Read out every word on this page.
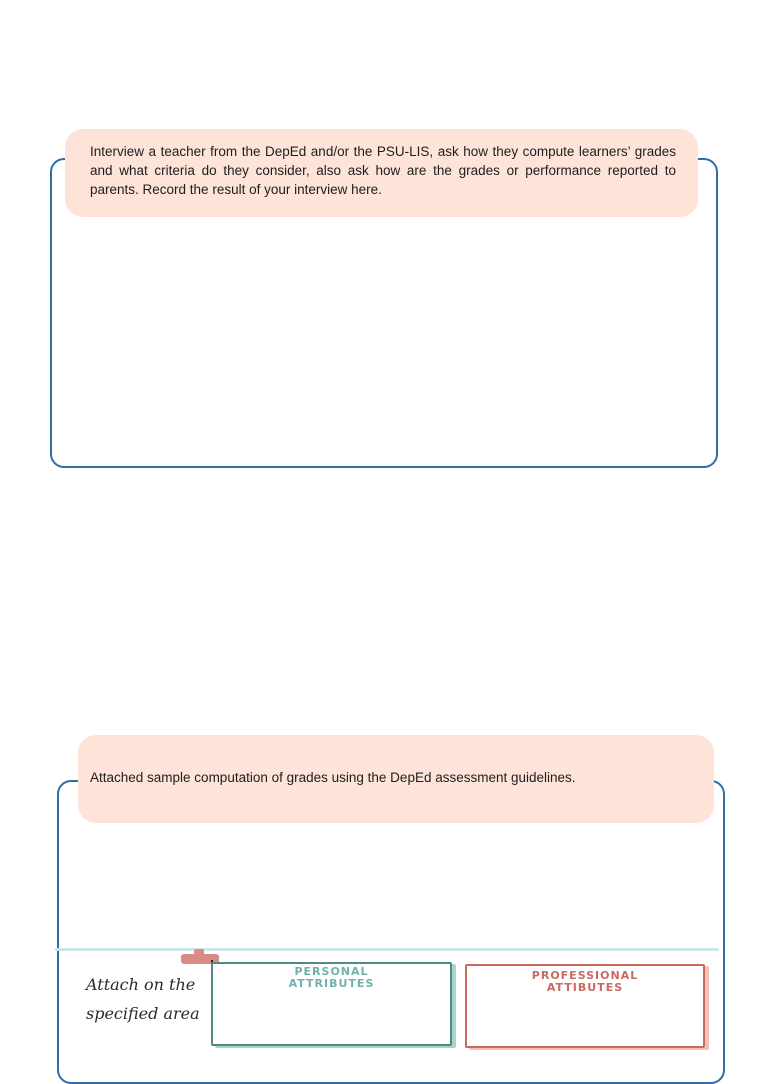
Interview a teacher from the DepEd and/or the PSU-LIS, ask how they compute learners’ grades and what criteria do they consider, also ask how are the grades or performance reported to parents. Record the result of your interview here.
Attached sample computation of grades using the DepEd assessment guidelines.
Attach on the specified area
PERSONAL
ATTRIBUTES
PROFESSIONAL
ATTIBUTES
